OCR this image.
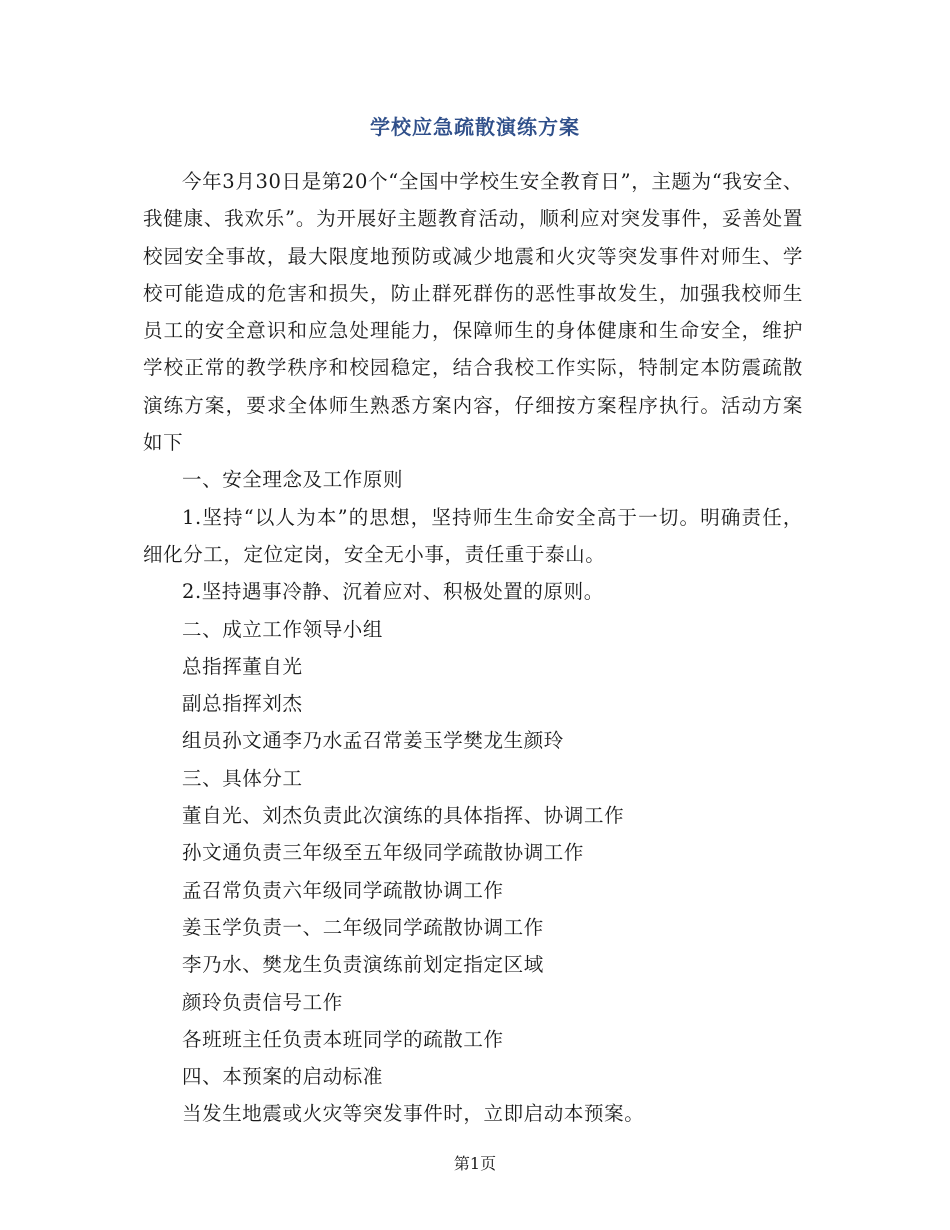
学校应急疏散演练方案

今年3月30日是第20个“全国中学校生安全教育日”，主题为“我安全、我健康、我欢乐”。为开展好主题教育活动，顺利应对突发事件，妥善处置校园安全事故，最大限度地预防或减少地震和火灾等突发事件对师生、学校可能造成的危害和损失，防止群死群伤的恶性事故发生，加强我校师生员工的安全意识和应急处理能力，保障师生的身体健康和生命安全，维护学校正常的教学秩序和校园稳定，结合我校工作实际，特制定本防震疏散演练方案，要求全体师生熟悉方案内容，仔细按方案程序执行。活动方案如下

一、安全理念及工作原则

1.坚持“以人为本”的思想，坚持师生生命安全高于一切。明确责任，细化分工，定位定岗，安全无小事，责任重于泰山。

2.坚持遇事冷静、沉着应对、积极处置的原则。

二、成立工作领导小组

总指挥董自光

副总指挥刘杰

组员孙文通李乃水孟召常姜玉学樊龙生颜玲

三、具体分工

董自光、刘杰负责此次演练的具体指挥、协调工作

孙文通负责三年级至五年级同学疏散协调工作

孟召常负责六年级同学疏散协调工作

姜玉学负责一、二年级同学疏散协调工作

李乃水、樊龙生负责演练前划定指定区域

颜玲负责信号工作

各班班主任负责本班同学的疏散工作

四、本预案的启动标准

当发生地震或火灾等突发事件时，立即启动本预案。

第1页
